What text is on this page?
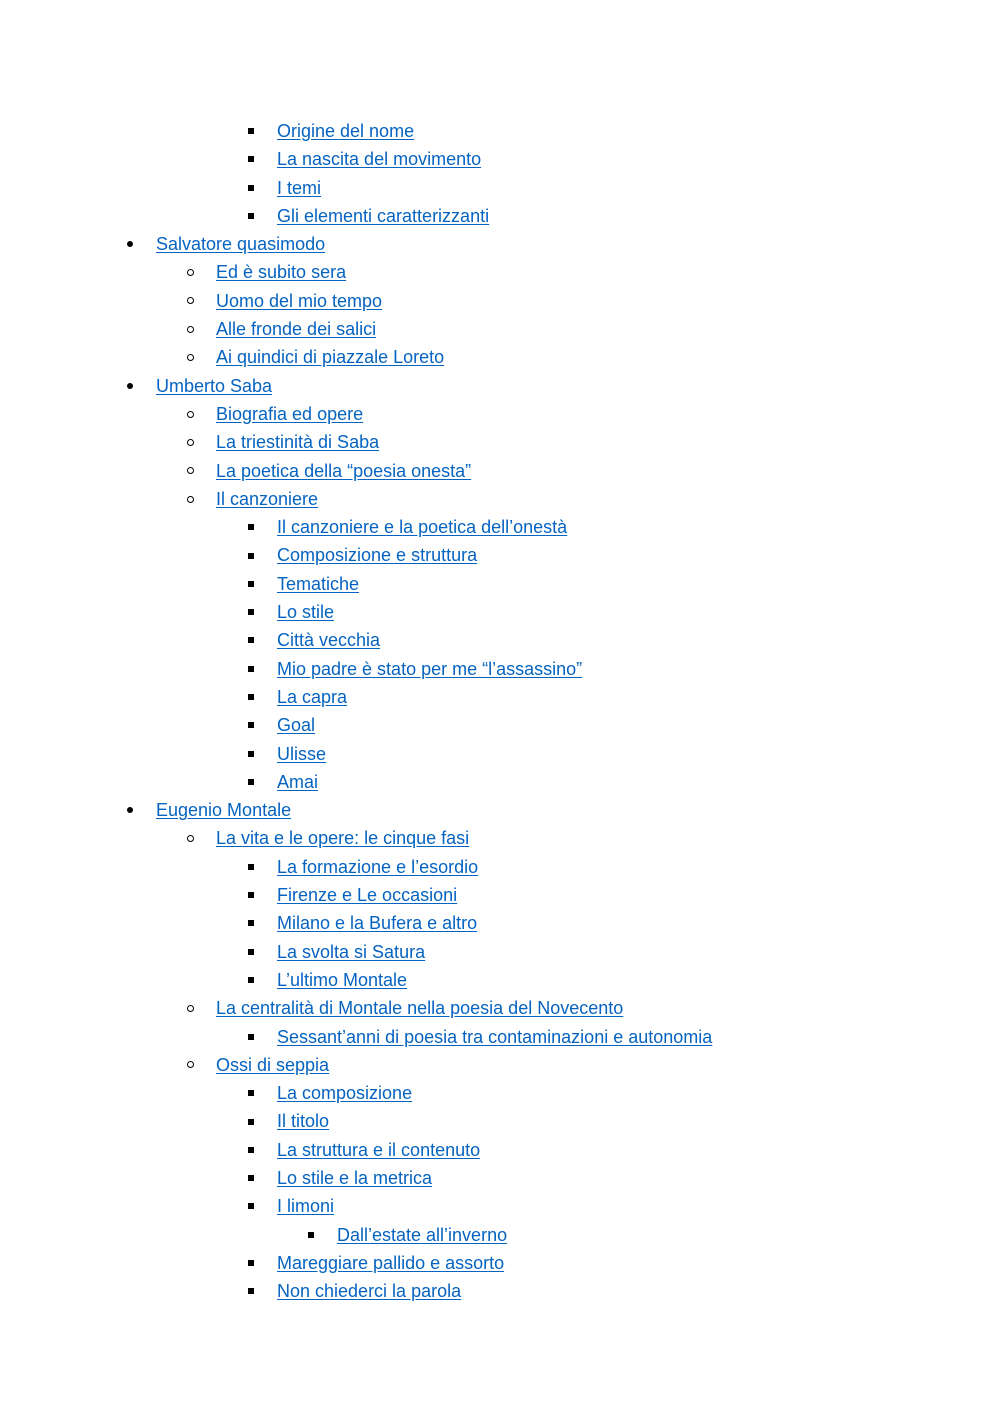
Origine del nome
La nascita del movimento
I temi
Gli elementi caratterizzanti
Salvatore quasimodo
Ed è subito sera
Uomo del mio tempo
Alle fronde dei salici
Ai quindici di piazzale Loreto
Umberto Saba
Biografia ed opere
La triestinità di Saba
La poetica della “poesia onesta”
Il canzoniere
Il canzoniere e la poetica dell’onestà
Composizione e struttura
Tematiche
Lo stile
Città vecchia
Mio padre è stato per me “l’assassino”
La capra
Goal
Ulisse
Amai
Eugenio Montale
La vita e le opere: le cinque fasi
La formazione e l’esordio
Firenze e Le occasioni
Milano e la Bufera e altro
La svolta si Satura
L’ultimo Montale
La centralità di Montale nella poesia del Novecento
Sessant’anni di poesia tra contaminazioni e autonomia
Ossi di seppia
La composizione
Il titolo
La struttura e il contenuto
Lo stile e la metrica
I limoni
Dall’estate all’inverno
Mareggiare pallido e assorto
Non chiederci la parola
